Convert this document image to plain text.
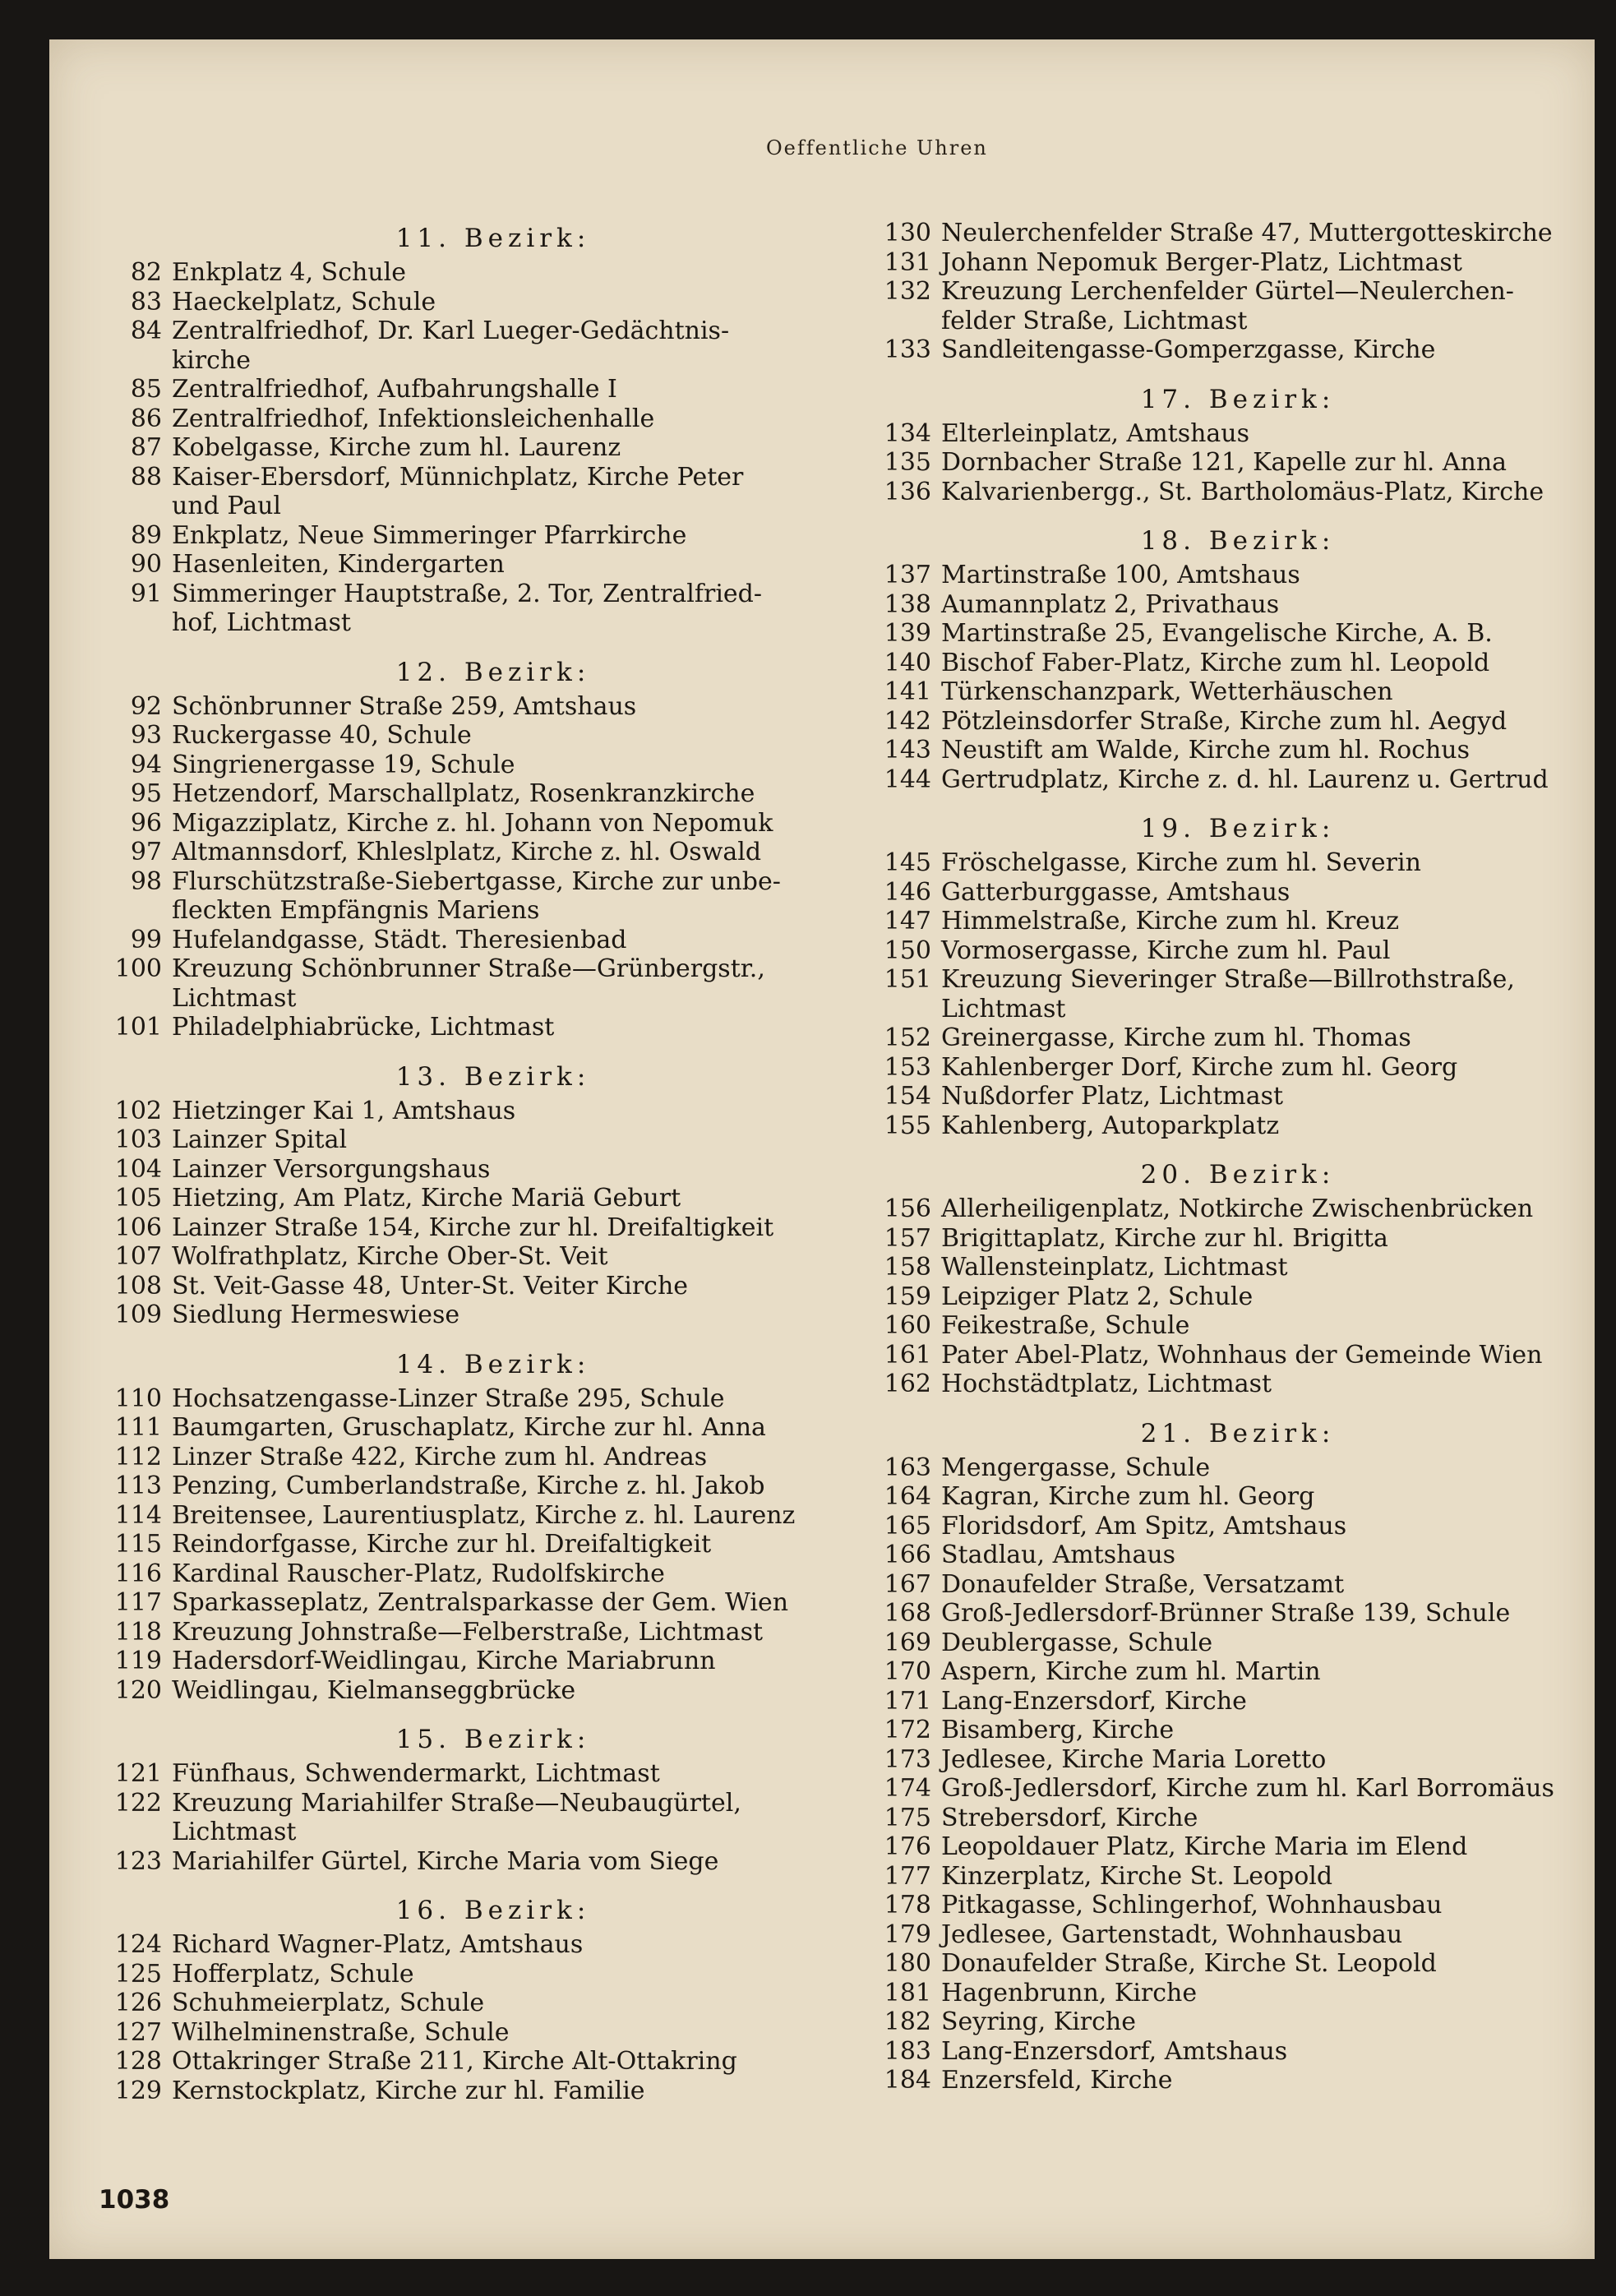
Oeffentliche Uhren
11. Bezirk:
82 Enkplatz 4, Schule
83 Haeckelplatz, Schule
84 Zentralfriedhof, Dr. Karl Lueger-Gedächtnis-
kirche
85 Zentralfriedhof, Aufbahrungshalle I
86 Zentralfriedhof, Infektionsleichenhalle
87 Kobelgasse, Kirche zum hl. Laurenz
88 Kaiser-Ebersdorf, Münnichplatz, Kirche Peter
und Paul
89 Enkplatz, Neue Simmeringer Pfarrkirche
90 Hasenleiten, Kindergarten
91 Simmeringer Hauptstraße, 2. Tor, Zentralfried-
hof, Lichtmast
12. Bezirk:
92 Schönbrunner Straße 259, Amtshaus
93 Ruckergasse 40, Schule
94 Singrienergasse 19, Schule
95 Hetzendorf, Marschallplatz, Rosenkranzkirche
96 Migazziplatz, Kirche z. hl. Johann von Nepomuk
97 Altmannsdorf, Khleslplatz, Kirche z. hl. Oswald
98 Flurschützstraße-Siebertgasse, Kirche zur unbe-
fleckten Empfängnis Mariens
99 Hufelandgasse, Städt. Theresienbad
100 Kreuzung Schönbrunner Straße—Grünbergstr.,
Lichtmast
101 Philadelphiabrücke, Lichtmast
13. Bezirk:
102 Hietzinger Kai 1, Amtshaus
103 Lainzer Spital
104 Lainzer Versorgungshaus
105 Hietzing, Am Platz, Kirche Mariä Geburt
106 Lainzer Straße 154, Kirche zur hl. Dreifaltigkeit
107 Wolfrathplatz, Kirche Ober-St. Veit
108 St. Veit-Gasse 48, Unter-St. Veiter Kirche
109 Siedlung Hermeswiese
14. Bezirk:
110 Hochsatzengasse-Linzer Straße 295, Schule
111 Baumgarten, Gruschaplatz, Kirche zur hl. Anna
112 Linzer Straße 422, Kirche zum hl. Andreas
113 Penzing, Cumberlandstraße, Kirche z. hl. Jakob
114 Breitensee, Laurentiusplatz, Kirche z. hl. Laurenz
115 Reindorfgasse, Kirche zur hl. Dreifaltigkeit
116 Kardinal Rauscher-Platz, Rudolfskirche
117 Sparkasseplatz, Zentralsparkasse der Gem. Wien
118 Kreuzung Johnstraße—Felberstraße, Lichtmast
119 Hadersdorf-Weidlingau, Kirche Mariabrunn
120 Weidlingau, Kielmanseggbrücke
15. Bezirk:
121 Fünfhaus, Schwendermarkt, Lichtmast
122 Kreuzung Mariahilfer Straße—Neubaugürtel,
Lichtmast
123 Mariahilfer Gürtel, Kirche Maria vom Siege
16. Bezirk:
124 Richard Wagner-Platz, Amtshaus
125 Hofferplatz, Schule
126 Schuhmeierplatz, Schule
127 Wilhelminenstraße, Schule
128 Ottakringer Straße 211, Kirche Alt-Ottakring
129 Kernstockplatz, Kirche zur hl. Familie
130 Neulerchenfelder Straße 47, Muttergotteskirche
131 Johann Nepomuk Berger-Platz, Lichtmast
132 Kreuzung Lerchenfelder Gürtel—Neulerchen-
felder Straße, Lichtmast
133 Sandleitengasse-Gomperzgasse, Kirche
17. Bezirk:
134 Elterleinplatz, Amtshaus
135 Dornbacher Straße 121, Kapelle zur hl. Anna
136 Kalvarienbergg., St. Bartholomäus-Platz, Kirche
18. Bezirk:
137 Martinstraße 100, Amtshaus
138 Aumannplatz 2, Privathaus
139 Martinstraße 25, Evangelische Kirche, A. B.
140 Bischof Faber-Platz, Kirche zum hl. Leopold
141 Türkenschanzpark, Wetterhäuschen
142 Pötzleinsdorfer Straße, Kirche zum hl. Aegyd
143 Neustift am Walde, Kirche zum hl. Rochus
144 Gertrudplatz, Kirche z. d. hl. Laurenz u. Gertrud
19. Bezirk:
145 Fröschelgasse, Kirche zum hl. Severin
146 Gatterburggasse, Amtshaus
147 Himmelstraße, Kirche zum hl. Kreuz
150 Vormosergasse, Kirche zum hl. Paul
151 Kreuzung Sieveringer Straße—Billrothstraße,
Lichtmast
152 Greinergasse, Kirche zum hl. Thomas
153 Kahlenberger Dorf, Kirche zum hl. Georg
154 Nußdorfer Platz, Lichtmast
155 Kahlenberg, Autoparkplatz
20. Bezirk:
156 Allerheiligenplatz, Notkirche Zwischenbrücken
157 Brigittaplatz, Kirche zur hl. Brigitta
158 Wallensteinplatz, Lichtmast
159 Leipziger Platz 2, Schule
160 Feikestraße, Schule
161 Pater Abel-Platz, Wohnhaus der Gemeinde Wien
162 Hochstädtplatz, Lichtmast
21. Bezirk:
163 Mengergasse, Schule
164 Kagran, Kirche zum hl. Georg
165 Floridsdorf, Am Spitz, Amtshaus
166 Stadlau, Amtshaus
167 Donaufelder Straße, Versatzamt
168 Groß-Jedlersdorf-Brünner Straße 139, Schule
169 Deublergasse, Schule
170 Aspern, Kirche zum hl. Martin
171 Lang-Enzersdorf, Kirche
172 Bisamberg, Kirche
173 Jedlesee, Kirche Maria Loretto
174 Groß-Jedlersdorf, Kirche zum hl. Karl Borromäus
175 Strebersdorf, Kirche
176 Leopoldauer Platz, Kirche Maria im Elend
177 Kinzerplatz, Kirche St. Leopold
178 Pitkagasse, Schlingerhof, Wohnhausbau
179 Jedlesee, Gartenstadt, Wohnhausbau
180 Donaufelder Straße, Kirche St. Leopold
181 Hagenbrunn, Kirche
182 Seyring, Kirche
183 Lang-Enzersdorf, Amtshaus
184 Enzersfeld, Kirche
1038
